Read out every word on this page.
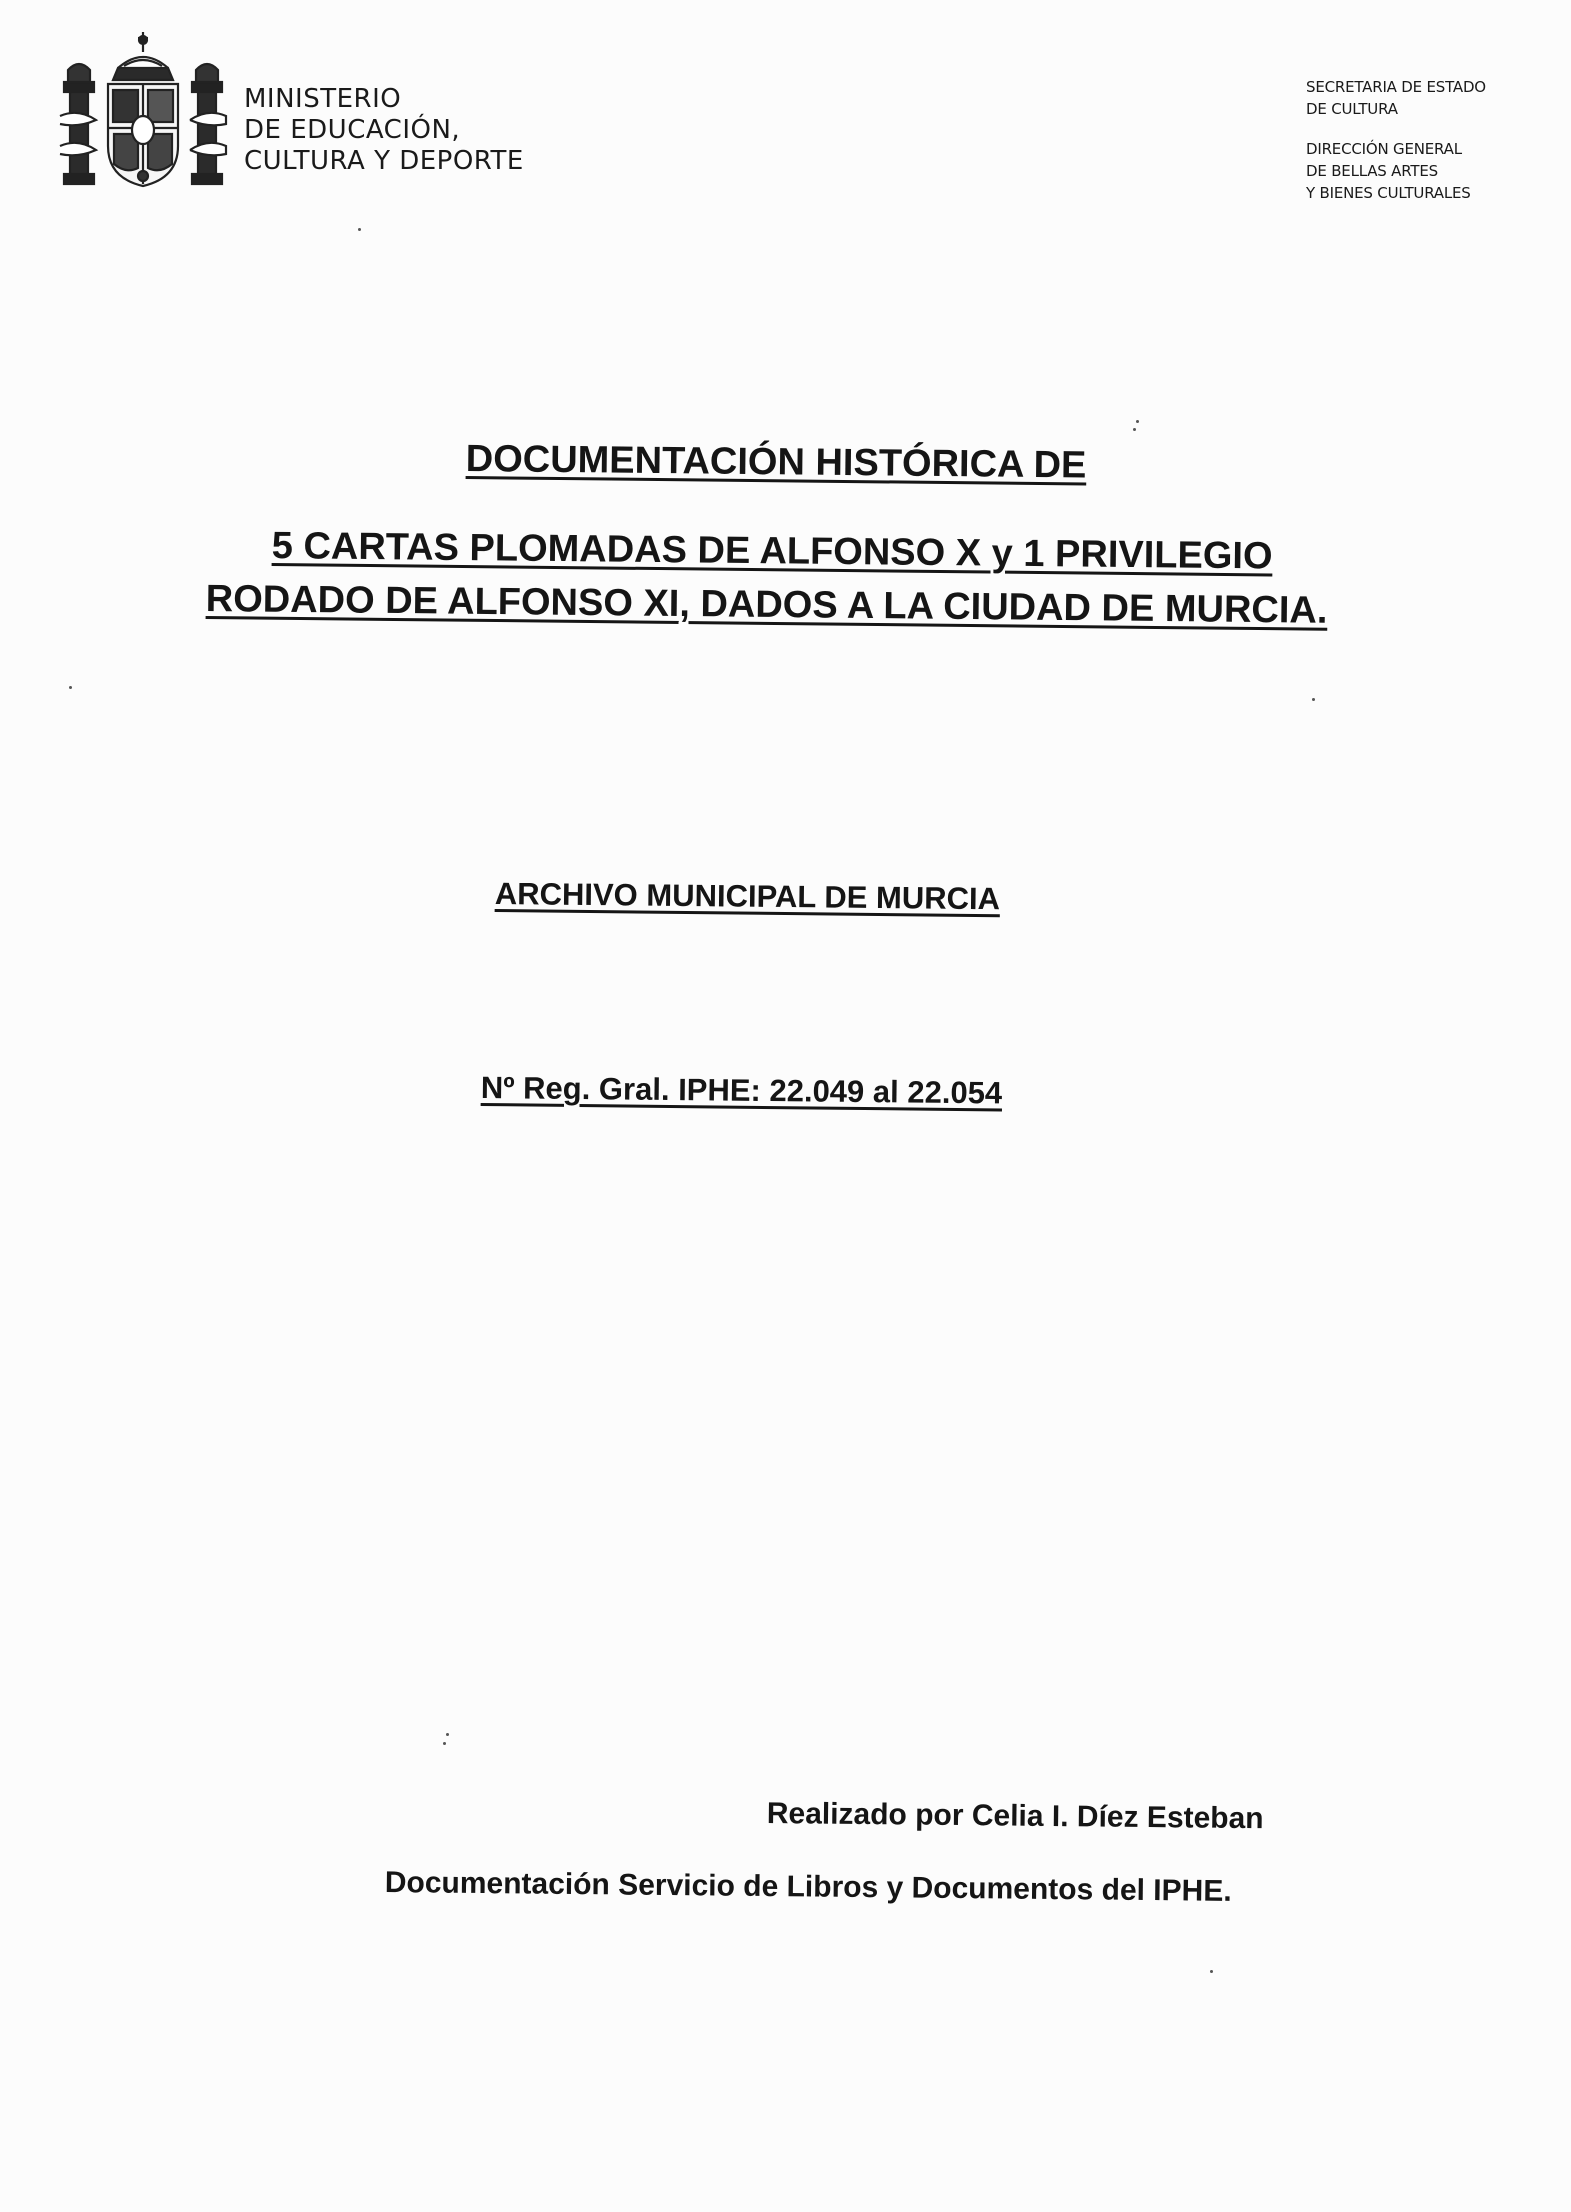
MINISTERIO
DE EDUCACIÓN,
CULTURA Y DEPORTE
SECRETARIA DE ESTADO
DE CULTURA
DIRECCIÓN GENERAL
DE BELLAS ARTES
Y BIENES CULTURALES
DOCUMENTACIÓN HISTÓRICA DE
5 CARTAS PLOMADAS DE ALFONSO X y 1 PRIVILEGIO
RODADO DE ALFONSO XI, DADOS A LA CIUDAD DE MURCIA.
ARCHIVO MUNICIPAL DE MURCIA
Nº Reg. Gral. IPHE: 22.049 al 22.054
Realizado por Celia I. Díez Esteban
Documentación Servicio de Libros y Documentos del IPHE.
